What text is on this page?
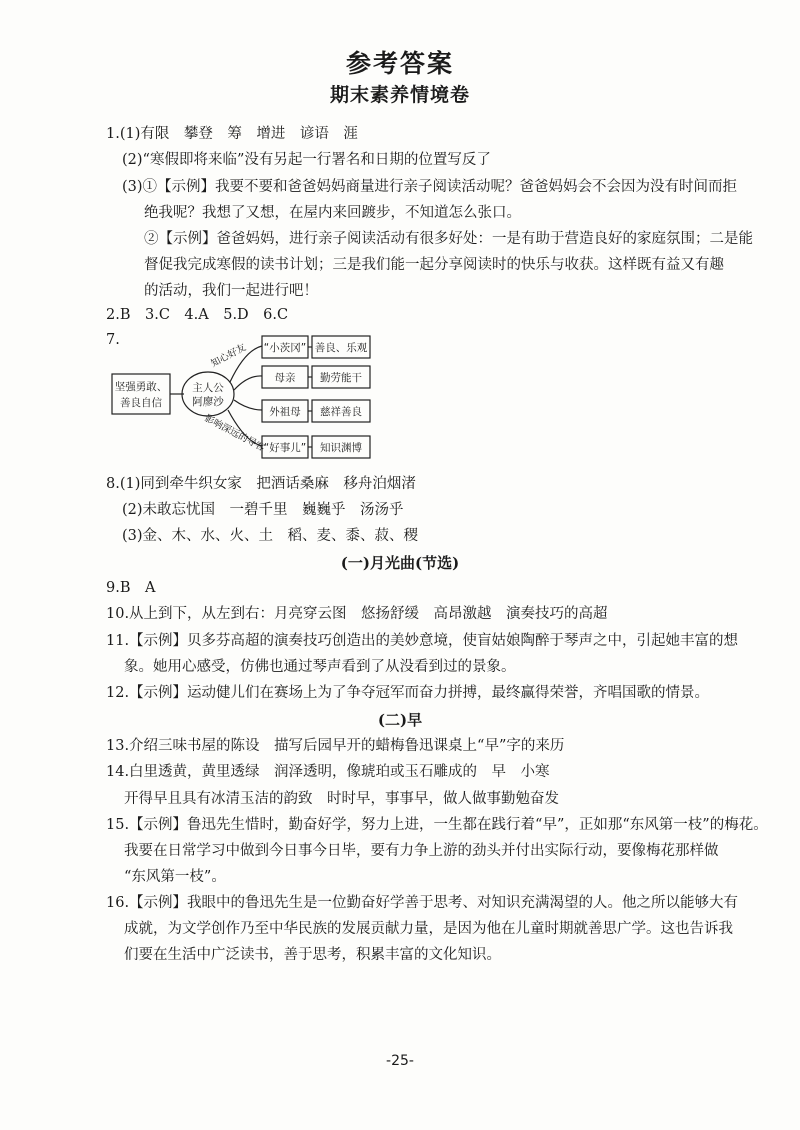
参考答案
期末素养情境卷
1.(1)有限　攀登　筹　增进　谚语　涯
(2)“寒假即将来临”没有另起一行署名和日期的位置写反了
(3)①【示例】我要不要和爸爸妈妈商量进行亲子阅读活动呢？爸爸妈妈会不会因为没有时间而拒
绝我呢？我想了又想，在屋内来回踱步，不知道怎么张口。
②【示例】爸爸妈妈，进行亲子阅读活动有很多好处：一是有助于营造良好的家庭氛围；二是能
督促我完成寒假的读书计划；三是我们能一起分享阅读时的快乐与收获。这样既有益又有趣
的活动，我们一起进行吧！
2.B　3.C　4.A　5.D　6.C
7.
坚强勇敢、
善良自信
主人公
阿廖沙
知心好友
影响深远的导客
“小茨冈”
母亲
外祖母
“好事儿”
善良、乐观
勤劳能干
慈祥善良
知识渊博
8.(1)同到牵牛织女家　把酒话桑麻　移舟泊烟渚
(2)未敢忘忧国　一碧千里　巍巍乎　汤汤乎
(3)金、木、水、火、土　稻、麦、黍、菽、稷
(一)月光曲(节选)
9.B　A
10.从上到下，从左到右：月亮穿云图　悠扬舒缓　高昂激越　演奏技巧的高超
11.【示例】贝多芬高超的演奏技巧创造出的美妙意境，使盲姑娘陶醉于琴声之中，引起她丰富的想
象。她用心感受，仿佛也通过琴声看到了从没看到过的景象。
12.【示例】运动健儿们在赛场上为了争夺冠军而奋力拼搏，最终赢得荣誉，齐唱国歌的情景。
(二)早
13.介绍三味书屋的陈设　描写后园早开的蜡梅鲁迅课桌上“早”字的来历
14.白里透黄，黄里透绿　润泽透明，像琥珀或玉石雕成的　早　小寒
开得早且具有冰清玉洁的韵致　时时早，事事早，做人做事勤勉奋发
15.【示例】鲁迅先生惜时，勤奋好学，努力上进，一生都在践行着“早”，正如那“东风第一枝”的梅花。
我要在日常学习中做到今日事今日毕，要有力争上游的劲头并付出实际行动，要像梅花那样做
“东风第一枝”。
16.【示例】我眼中的鲁迅先生是一位勤奋好学善于思考、对知识充满渴望的人。他之所以能够大有
成就，为文学创作乃至中华民族的发展贡献力量，是因为他在儿童时期就善思广学。这也告诉我
们要在生活中广泛读书，善于思考，积累丰富的文化知识。
-25-
